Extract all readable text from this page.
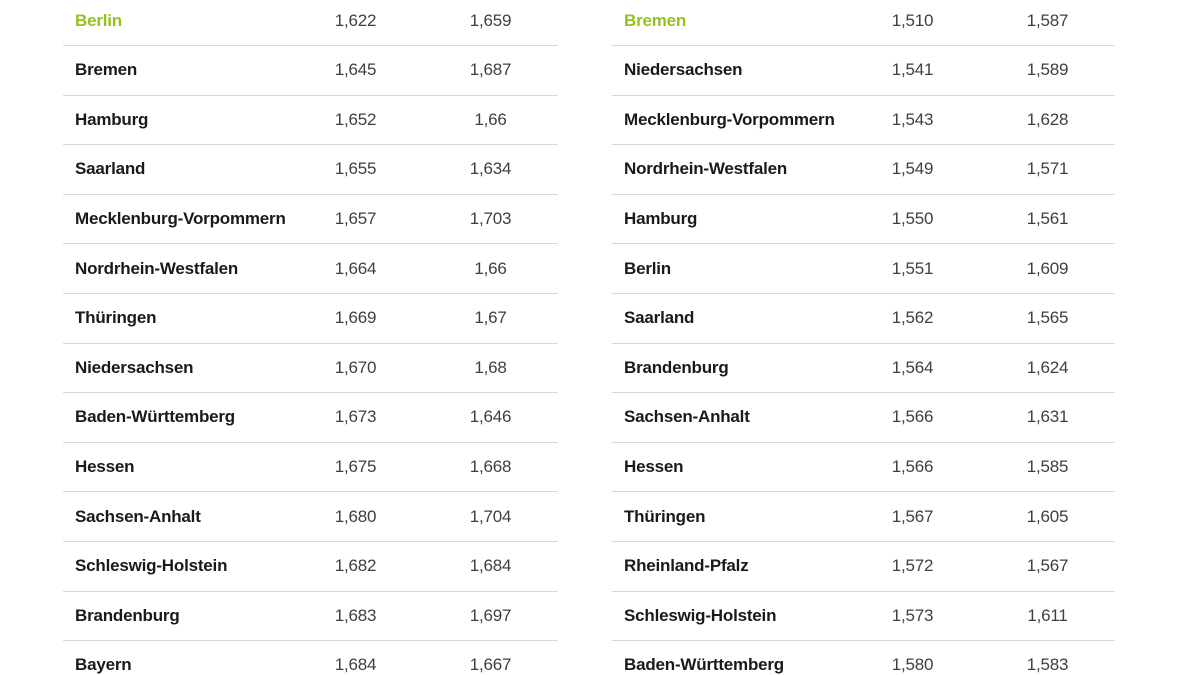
Berlin	1,622	1,659
Bremen	1,645	1,687
Hamburg	1,652	1,66
Saarland	1,655	1,634
Mecklenburg-Vorpommern	1,657	1,703
Nordrhein-Westfalen	1,664	1,66
Thüringen	1,669	1,67
Niedersachsen	1,670	1,68
Baden-Württemberg	1,673	1,646
Hessen	1,675	1,668
Sachsen-Anhalt	1,680	1,704
Schleswig-Holstein	1,682	1,684
Brandenburg	1,683	1,697
Bayern	1,684	1,667
Bremen	1,510	1,587
Niedersachsen	1,541	1,589
Mecklenburg-Vorpommern	1,543	1,628
Nordrhein-Westfalen	1,549	1,571
Hamburg	1,550	1,561
Berlin	1,551	1,609
Saarland	1,562	1,565
Brandenburg	1,564	1,624
Sachsen-Anhalt	1,566	1,631
Hessen	1,566	1,585
Thüringen	1,567	1,605
Rheinland-Pfalz	1,572	1,567
Schleswig-Holstein	1,573	1,611
Baden-Württemberg	1,580	1,583
